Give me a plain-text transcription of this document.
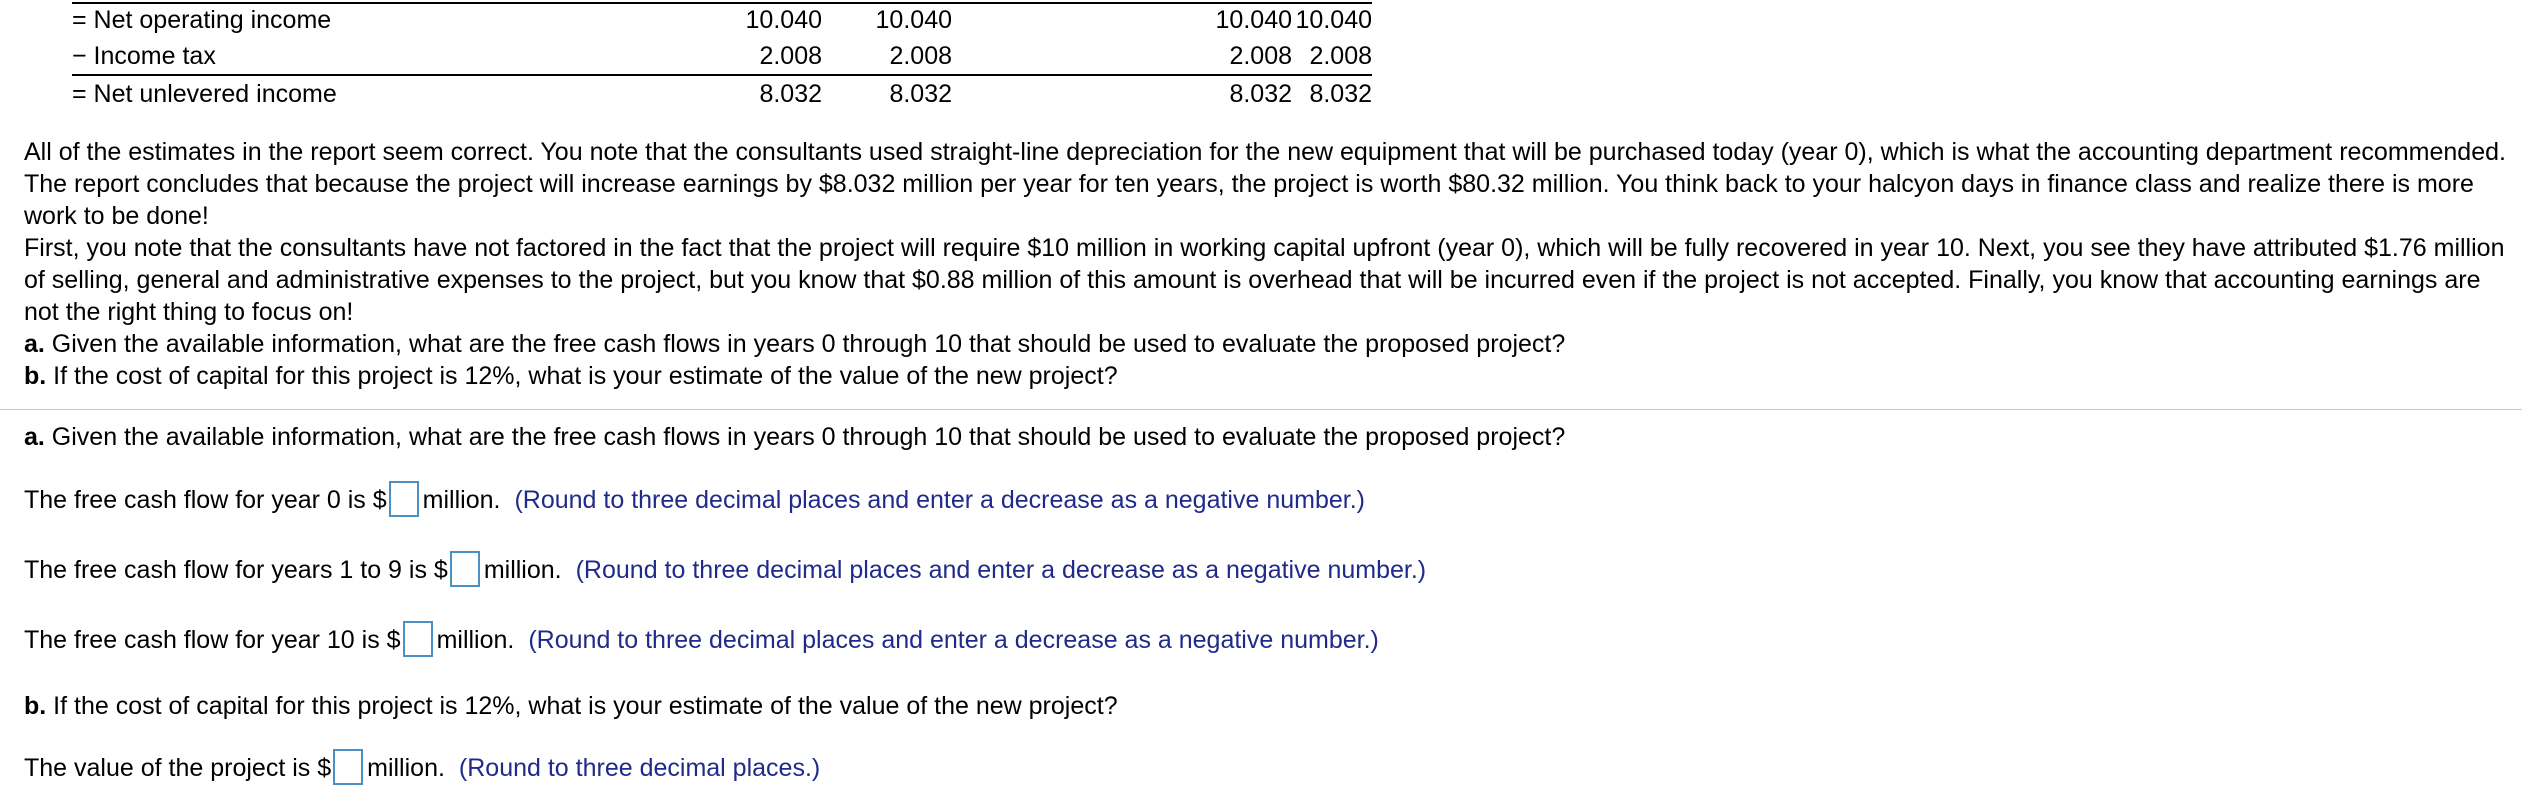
= Net operating income	10.040	10.040	10.040 10.040
− Income tax	2.008	2.008	2.008 2.008
= Net unlevered income	8.032	8.032	8.032 8.032

All of the estimates in the report seem correct. You note that the consultants used straight-line depreciation for the new equipment that will be purchased today (year 0), which is what the accounting department recommended. The report concludes that because the project will increase earnings by $8.032 million per year for ten years, the project is worth $80.32 million. You think back to your halcyon days in finance class and realize there is more work to be done!

First, you note that the consultants have not factored in the fact that the project will require $10 million in working capital upfront (year 0), which will be fully recovered in year 10. Next, you see they have attributed $1.76 million of selling, general and administrative expenses to the project, but you know that $0.88 million of this amount is overhead that will be incurred even if the project is not accepted. Finally, you know that accounting earnings are not the right thing to focus on!

a. Given the available information, what are the free cash flows in years 0 through 10 that should be used to evaluate the proposed project?

b. If the cost of capital for this project is 12%, what is your estimate of the value of the new project?

a. Given the available information, what are the free cash flows in years 0 through 10 that should be used to evaluate the proposed project?
The free cash flow for year 0 is $ million. (Round to three decimal places and enter a decrease as a negative number.)
The free cash flow for years 1 to 9 is $ million. (Round to three decimal places and enter a decrease as a negative number.)
The free cash flow for year 10 is $ million. (Round to three decimal places and enter a decrease as a negative number.)
b. If the cost of capital for this project is 12%, what is your estimate of the value of the new project?
The value of the project is $ million. (Round to three decimal places.)
